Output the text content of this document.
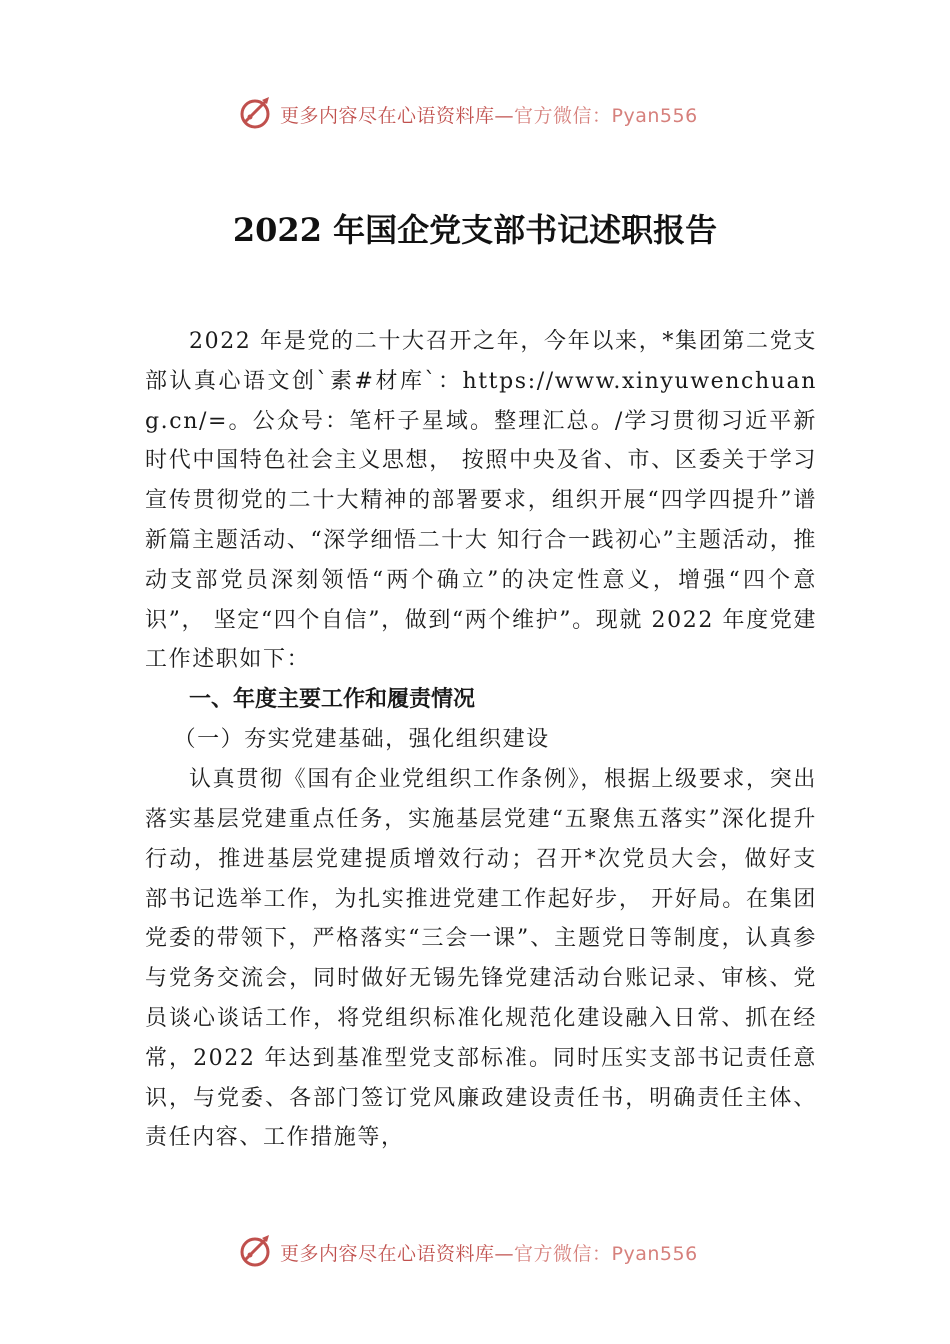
更多内容尽在心语资料库—官方微信：Pyan556
2022 年国企党支部书记述职报告

2022 年是党的二十大召开之年，今年以来，*集团第二党支部认真心语文创`素#材库`：https://www.xinyuwenchuang.cn/=。公众号：笔杆子星域。整理汇总。/学习贯彻习近平新时代中国特色社会主义思想， 按照中央及省、市、区委关于学习宣传贯彻党的二十大精神的部署要求，组织开展“四学四提升”谱新篇主题活动、“深学细悟二十大 知行合一践初心”主题活动，推动支部党员深刻领悟“两个确立”的决定性意义，增强“四个意识”， 坚定“四个自信”，做到“两个维护”。现就 2022 年度党建工作述职如下：

一、年度主要工作和履责情况

（一）夯实党建基础，强化组织建设

认真贯彻《国有企业党组织工作条例》，根据上级要求，突出落实基层党建重点任务，实施基层党建“五聚焦五落实”深化提升行动，推进基层党建提质增效行动；召开*次党员大会，做好支部书记选举工作，为扎实推进党建工作起好步， 开好局。在集团党委的带领下，严格落实“三会一课”、主题党日等制度，认真参与党务交流会，同时做好无锡先锋党建活动台账记录、审核、党员谈心谈话工作，将党组织标准化规范化建设融入日常、抓在经常，2022 年达到基准型党支部标准。同时压实支部书记责任意识，与党委、各部门签订党风廉政建设责任书，明确责任主体、责任内容、工作措施等，

更多内容尽在心语资料库—官方微信：Pyan556
